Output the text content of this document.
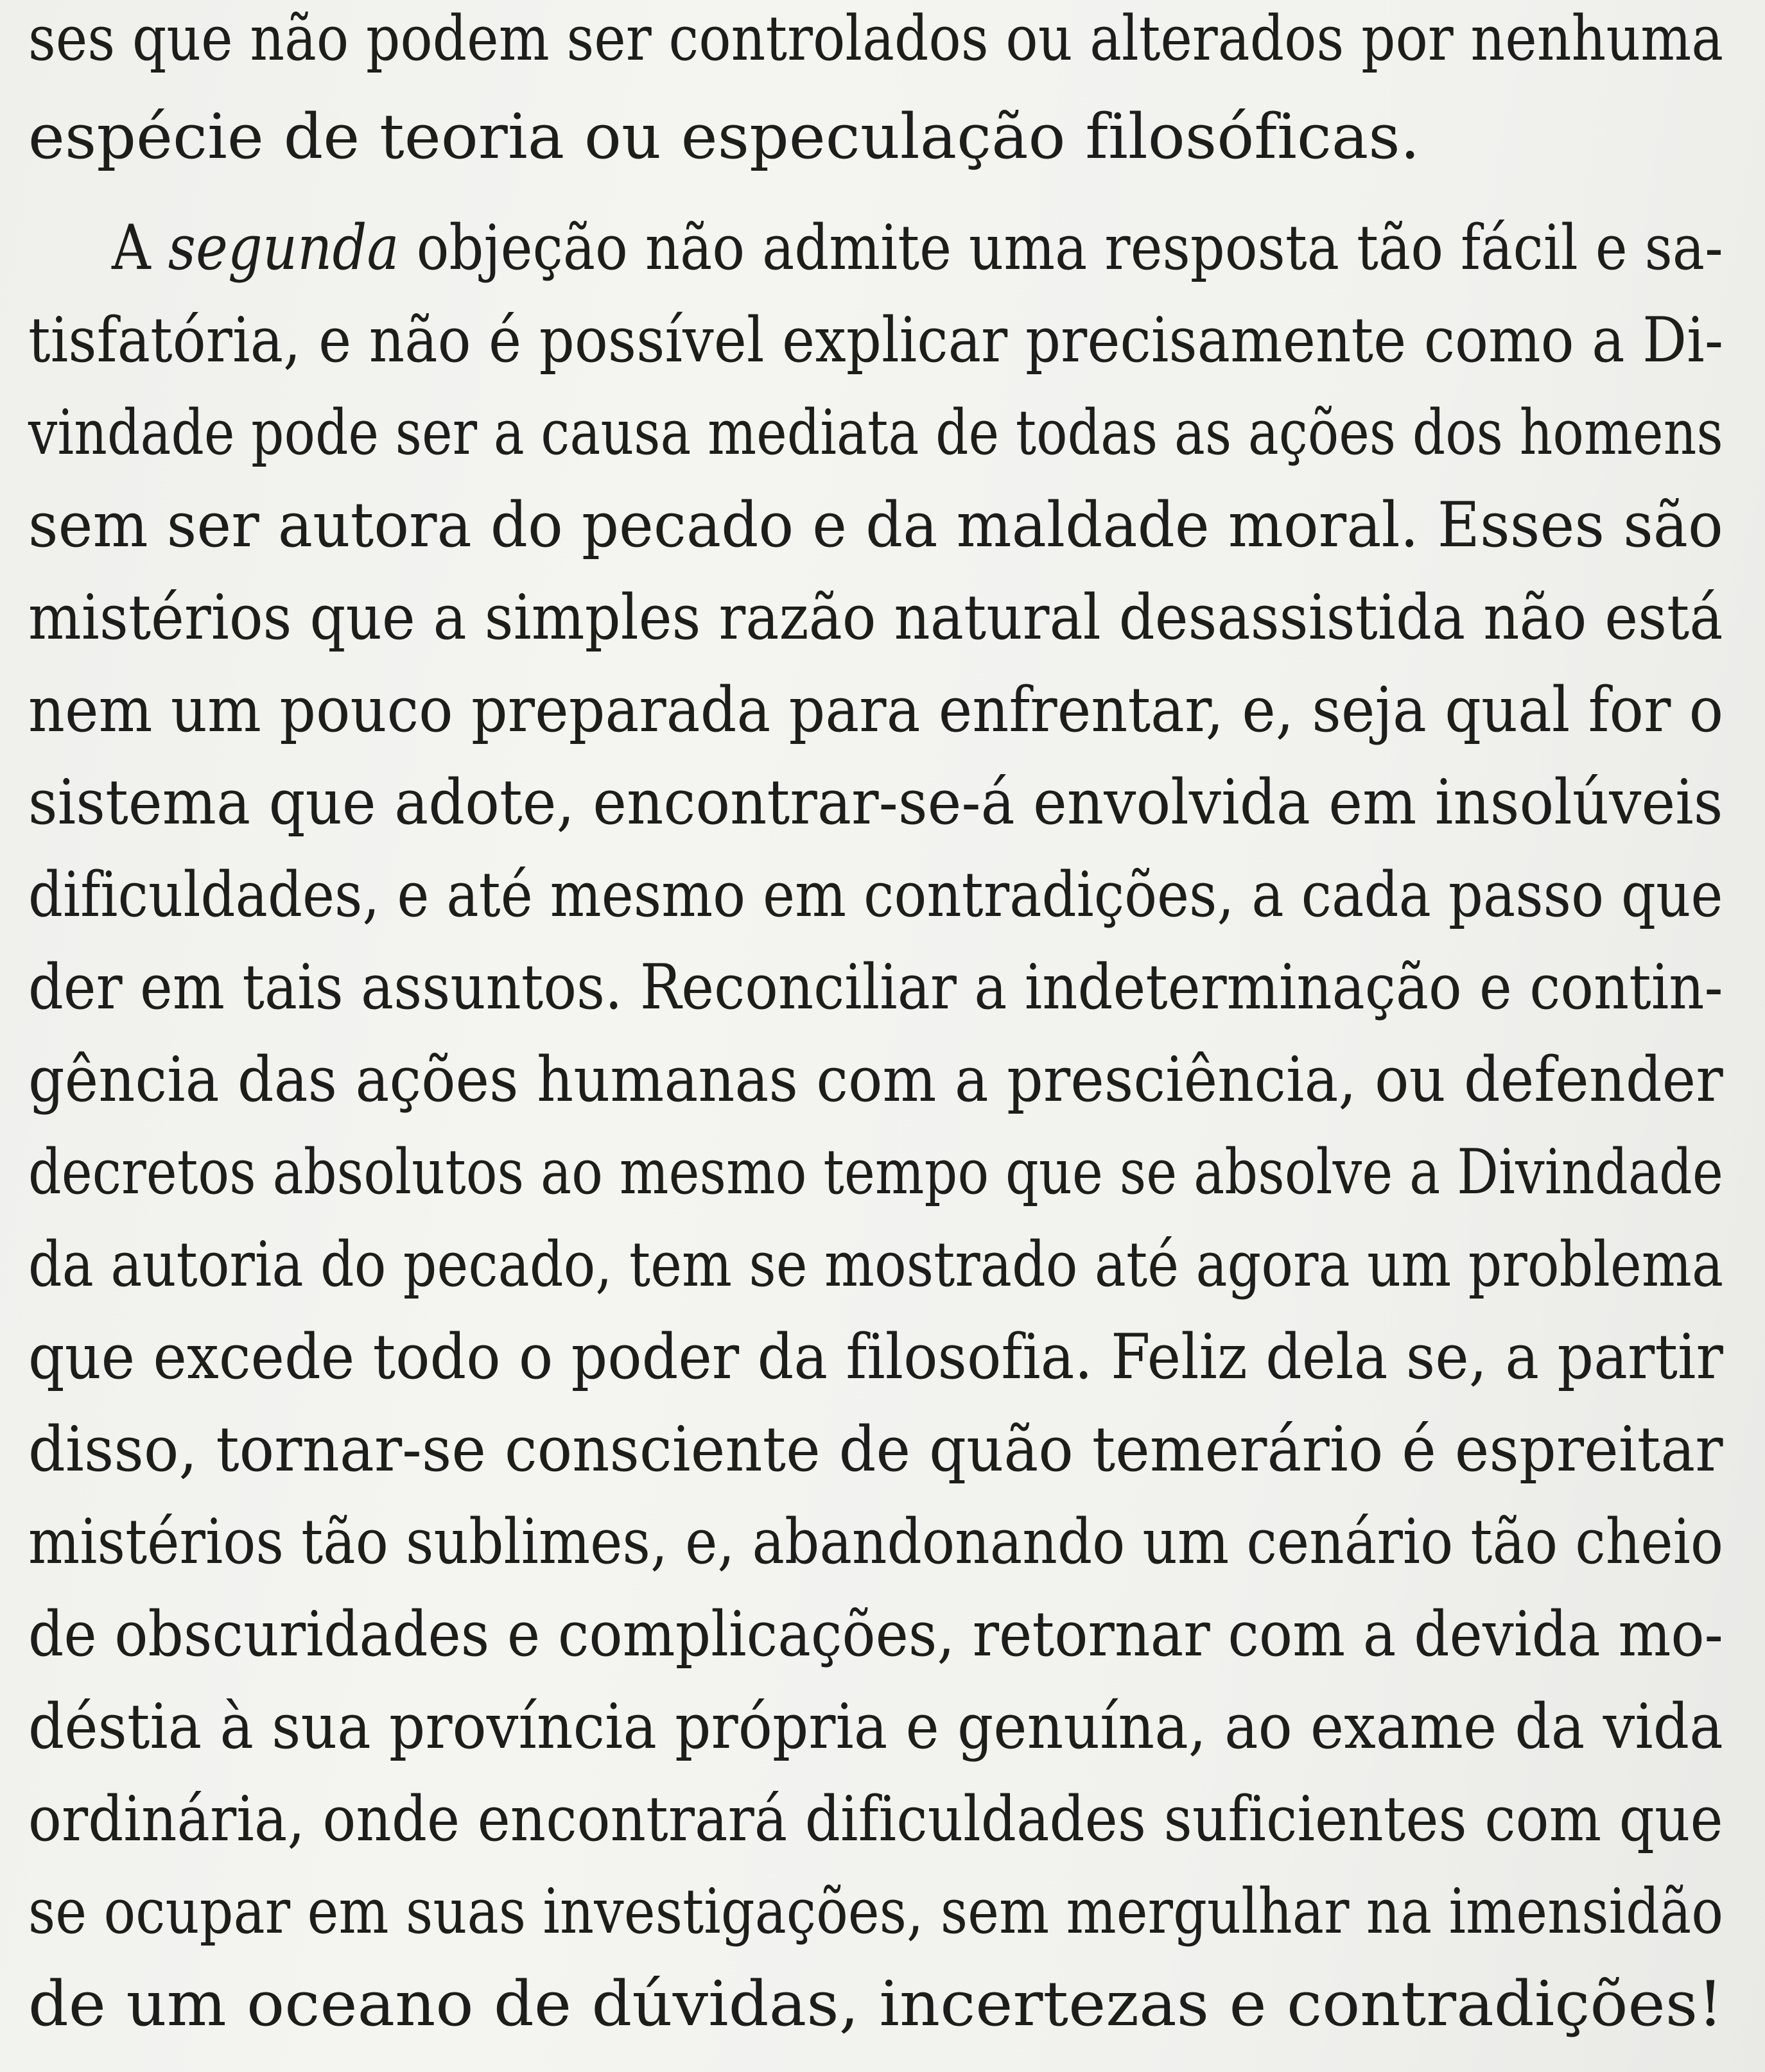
ses que não podem ser controlados ou alterados por nenhuma
espécie de teoria ou especulação filosóficas.
A segunda objeção não admite uma resposta tão fácil e sa-
tisfatória, e não é possível explicar precisamente como a Di-
vindade pode ser a causa mediata de todas as ações dos homens
sem ser autora do pecado e da maldade moral. Esses são
mistérios que a simples razão natural desassistida não está
nem um pouco preparada para enfrentar, e, seja qual for o
sistema que adote, encontrar-se-á envolvida em insolúveis
dificuldades, e até mesmo em contradições, a cada passo que
der em tais assuntos. Reconciliar a indeterminação e contin-
gência das ações humanas com a presciência, ou defender
decretos absolutos ao mesmo tempo que se absolve a Divindade
da autoria do pecado, tem se mostrado até agora um problema
que excede todo o poder da filosofia. Feliz dela se, a partir
disso, tornar-se consciente de quão temerário é espreitar
mistérios tão sublimes, e, abandonando um cenário tão cheio
de obscuridades e complicações, retornar com a devida mo-
déstia à sua província própria e genuína, ao exame da vida
ordinária, onde encontrará dificuldades suficientes com que
se ocupar em suas investigações, sem mergulhar na imensidão
de um oceano de dúvidas, incertezas e contradições!
